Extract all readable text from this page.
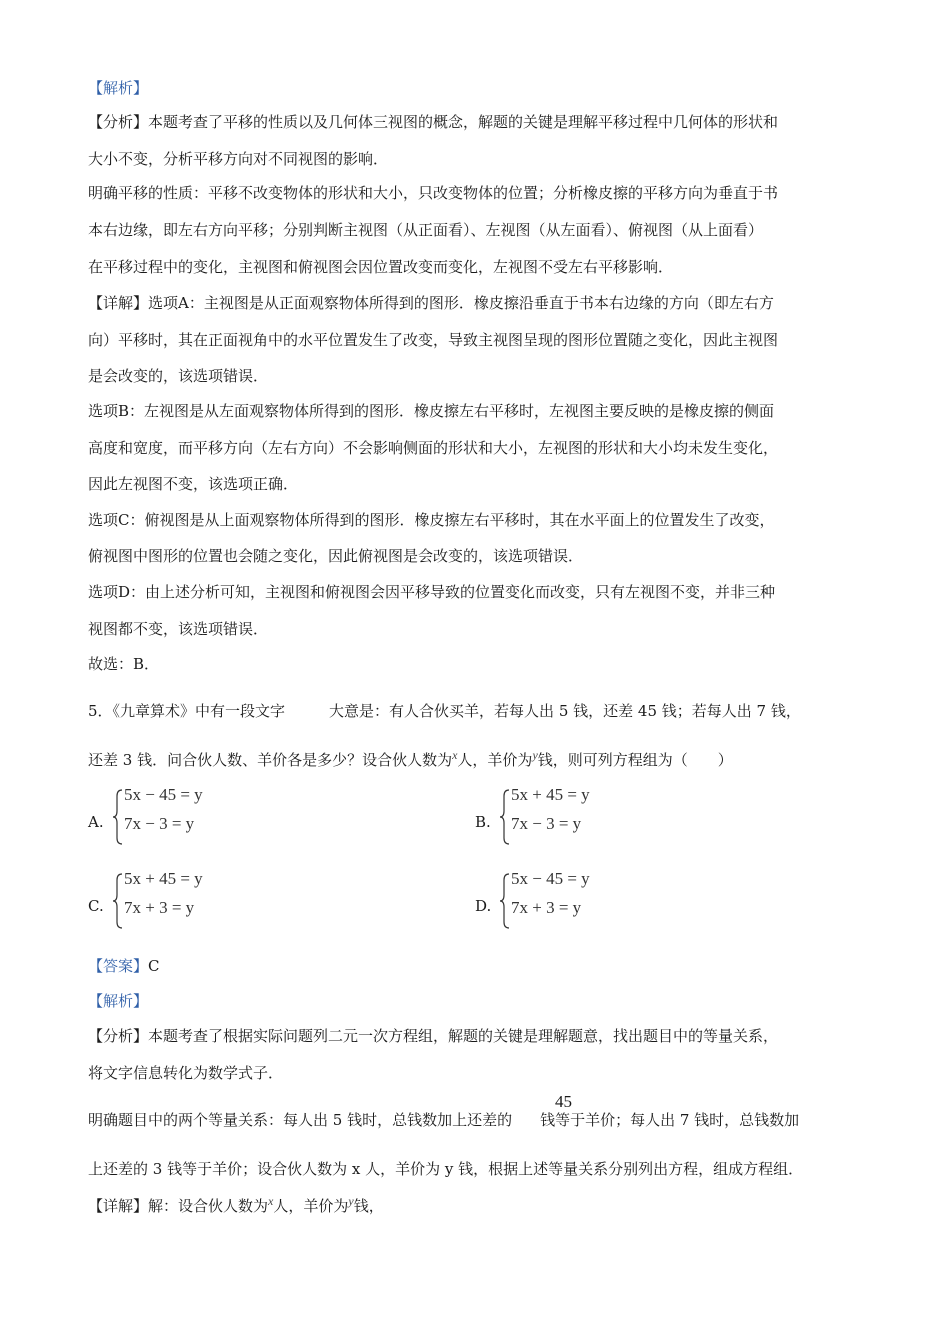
【解析】
【分析】本题考查了平移的性质以及几何体三视图的概念，解题的关键是理解平移过程中几何体的形状和
大小不变，分析平移方向对不同视图的影响．
明确平移的性质：平移不改变物体的形状和大小，只改变物体的位置；分析橡皮擦的平移方向为垂直于书
本右边缘，即左右方向平移；分别判断主视图（从正面看）、左视图（从左面看）、俯视图（从上面看）
在平移过程中的变化，主视图和俯视图会因位置改变而变化，左视图不受左右平移影响．
【详解】选项A：主视图是从正面观察物体所得到的图形．橡皮擦沿垂直于书本右边缘的方向（即左右方
向）平移时，其在正面视角中的水平位置发生了改变，导致主视图呈现的图形位置随之变化，因此主视图
是会改变的，该选项错误．
选项B：左视图是从左面观察物体所得到的图形．橡皮擦左右平移时，左视图主要反映的是橡皮擦的侧面
高度和宽度，而平移方向（左右方向）不会影响侧面的形状和大小，左视图的形状和大小均未发生变化，
因此左视图不变，该选项正确．
选项C：俯视图是从上面观察物体所得到的图形．橡皮擦左右平移时，其在水平面上的位置发生了改变，
俯视图中图形的位置也会随之变化，因此俯视图是会改变的，该选项错误．
选项D：由上述分析可知，主视图和俯视图会因平移导致的位置变化而改变，只有左视图不变，并非三种
视图都不变，该选项错误．
故选：B．
5．《九章算术》中有一段文字	大意是：有人合伙买羊，若每人出 5 钱，还差 45 钱；若每人出 7 钱，
还差 3 钱．问合伙人数、羊价各是多少？设合伙人数为$^x$人，羊价为$^y$钱，则可列方程组为（　　）
A.
5x − 45 = y
7x − 3 = y	B.
5x + 45 = y
7x − 3 = y
C.
5x + 45 = y
7x + 3 = y	D.
5x − 45 = y
7x + 3 = y
【答案】C
【解析】
【分析】本题考查了根据实际问题列二元一次方程组，解题的关键是理解题意，找出题目中的等量关系，
将文字信息转化为数学式子．
45
明确题目中的两个等量关系：每人出 5 钱时，总钱数加上还差的 钱等于羊价；每人出 7 钱时，总钱数加
上还差的 3 钱等于羊价；设合伙人数为 x 人，羊价为 y 钱，根据上述等量关系分别列出方程，组成方程组．
【详解】解：设合伙人数为$^x$人，羊价为$^y$钱，
